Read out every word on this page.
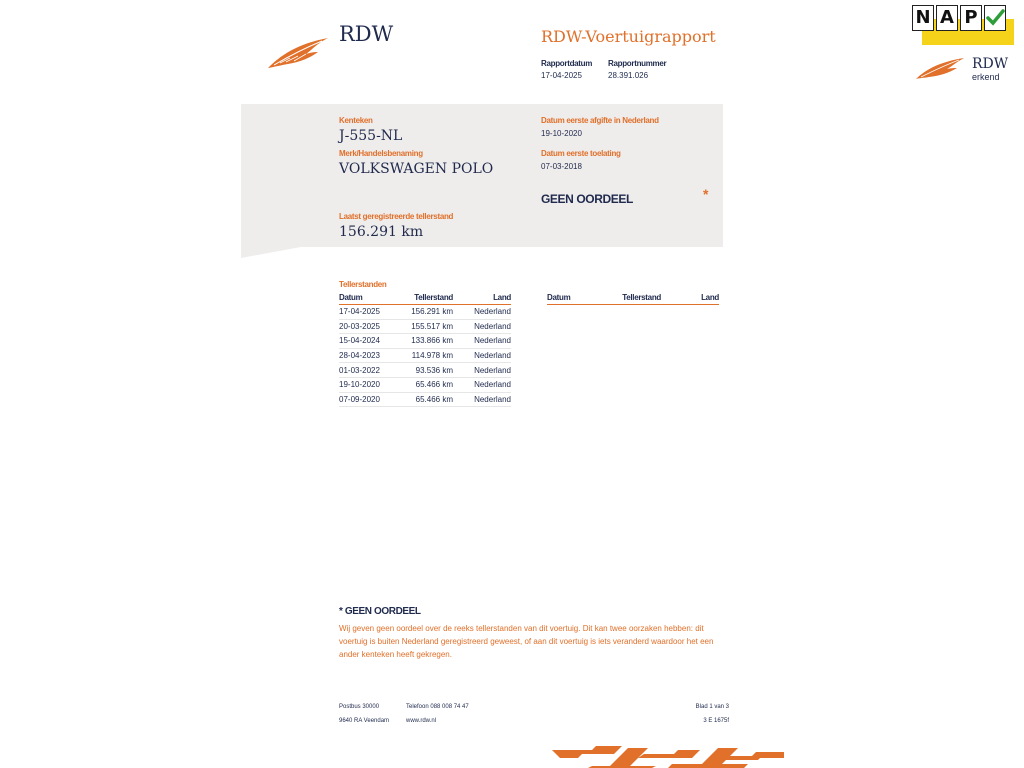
RDW	RDW-Voertuigrapport
Rapportdatum Rapportnummer
17-04-2025	28.391.026
N A P
RDW
erkend
Kenteken
J-555-NL
Merk/Handelsbenaming
VOLKSWAGEN POLO
Datum eerste afgifte in Nederland
19-10-2020
Datum eerste toelating
07-03-2018
GEEN OORDEEL	*
Laatst geregistreerde tellerstand
156.291 km
Tellerstanden
Datum	Tellerstand	Land
17-04-2025	156.291 km	Nederland
20-03-2025	155.517 km	Nederland
15-04-2024	133.866 km	Nederland
28-04-2023	114.978 km	Nederland
01-03-2022	93.536 km	Nederland
19-10-2020	65.466 km	Nederland
07-09-2020	65.466 km	Nederland
Datum	Tellerstand	Land
* GEEN OORDEEL
Wij geven geen oordeel over de reeks tellerstanden van dit voertuig. Dit kan twee oorzaken hebben: dit voertuig is buiten Nederland geregistreerd geweest, of aan dit voertuig is iets veranderd waardoor het een ander kenteken heeft gekregen.
Postbus 30000
9640 RA Veendam
Telefoon 088 008 74 47
www.rdw.nl
Blad 1 van 3
3 E 1675f
